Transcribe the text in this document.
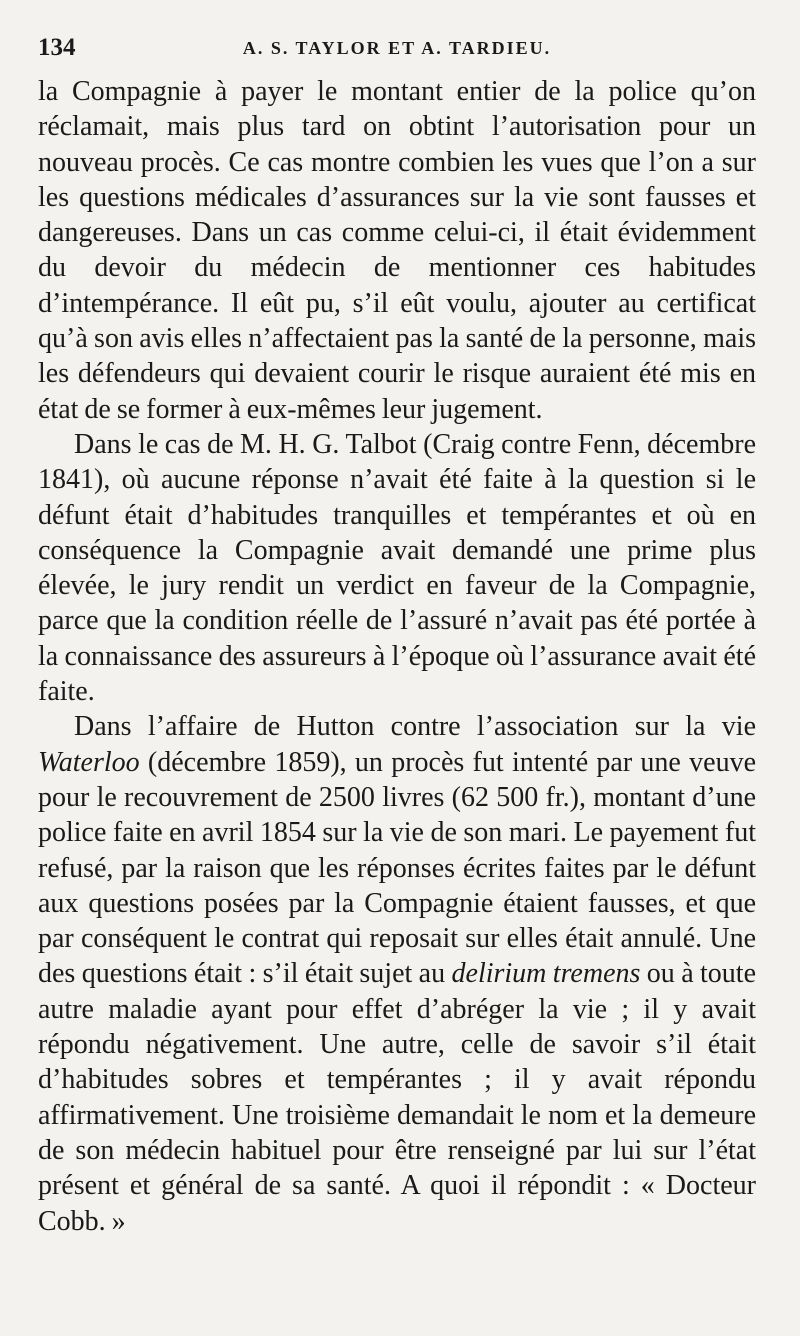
134	A. S. TAYLOR ET A. TARDIEU.

la Compagnie à payer le montant entier de la police qu’on réclamait, mais plus tard on obtint l’autorisation pour un nouveau procès. Ce cas montre combien les vues que l’on a sur les questions médicales d’assurances sur la vie sont fausses et dangereuses. Dans un cas comme celui-ci, il était évidemment du devoir du médecin de mentionner ces habitudes d’intempérance. Il eût pu, s’il eût voulu, ajouter au certificat qu’à son avis elles n’affectaient pas la santé de la personne, mais les défendeurs qui devaient courir le risque auraient été mis en état de se former à eux-mêmes leur jugement.

Dans le cas de M. H. G. Talbot (Craig contre Fenn, décembre 1841), où aucune réponse n’avait été faite à la question si le défunt était d’habitudes tranquilles et tempérantes et où en conséquence la Compagnie avait demandé une prime plus élevée, le jury rendit un verdict en faveur de la Compagnie, parce que la condition réelle de l’assuré n’avait pas été portée à la connaissance des assureurs à l’époque où l’assurance avait été faite.

Dans l’affaire de Hutton contre l’association sur la vie Waterloo (décembre 1859), un procès fut intenté par une veuve pour le recouvrement de 2500 livres (62 500 fr.), montant d’une police faite en avril 1854 sur la vie de son mari. Le payement fut refusé, par la raison que les réponses écrites faites par le défunt aux questions posées par la Compagnie étaient fausses, et que par conséquent le contrat qui reposait sur elles était annulé. Une des questions était : s’il était sujet au delirium tremens ou à toute autre maladie ayant pour effet d’abréger la vie ; il y avait répondu négativement. Une autre, celle de savoir s’il était d’habitudes sobres et tempérantes ; il y avait répondu affirmativement. Une troisième demandait le nom et la demeure de son médecin habituel pour être renseigné par lui sur l’état présent et général de sa santé. A quoi il répondit : « Docteur Cobb. »
